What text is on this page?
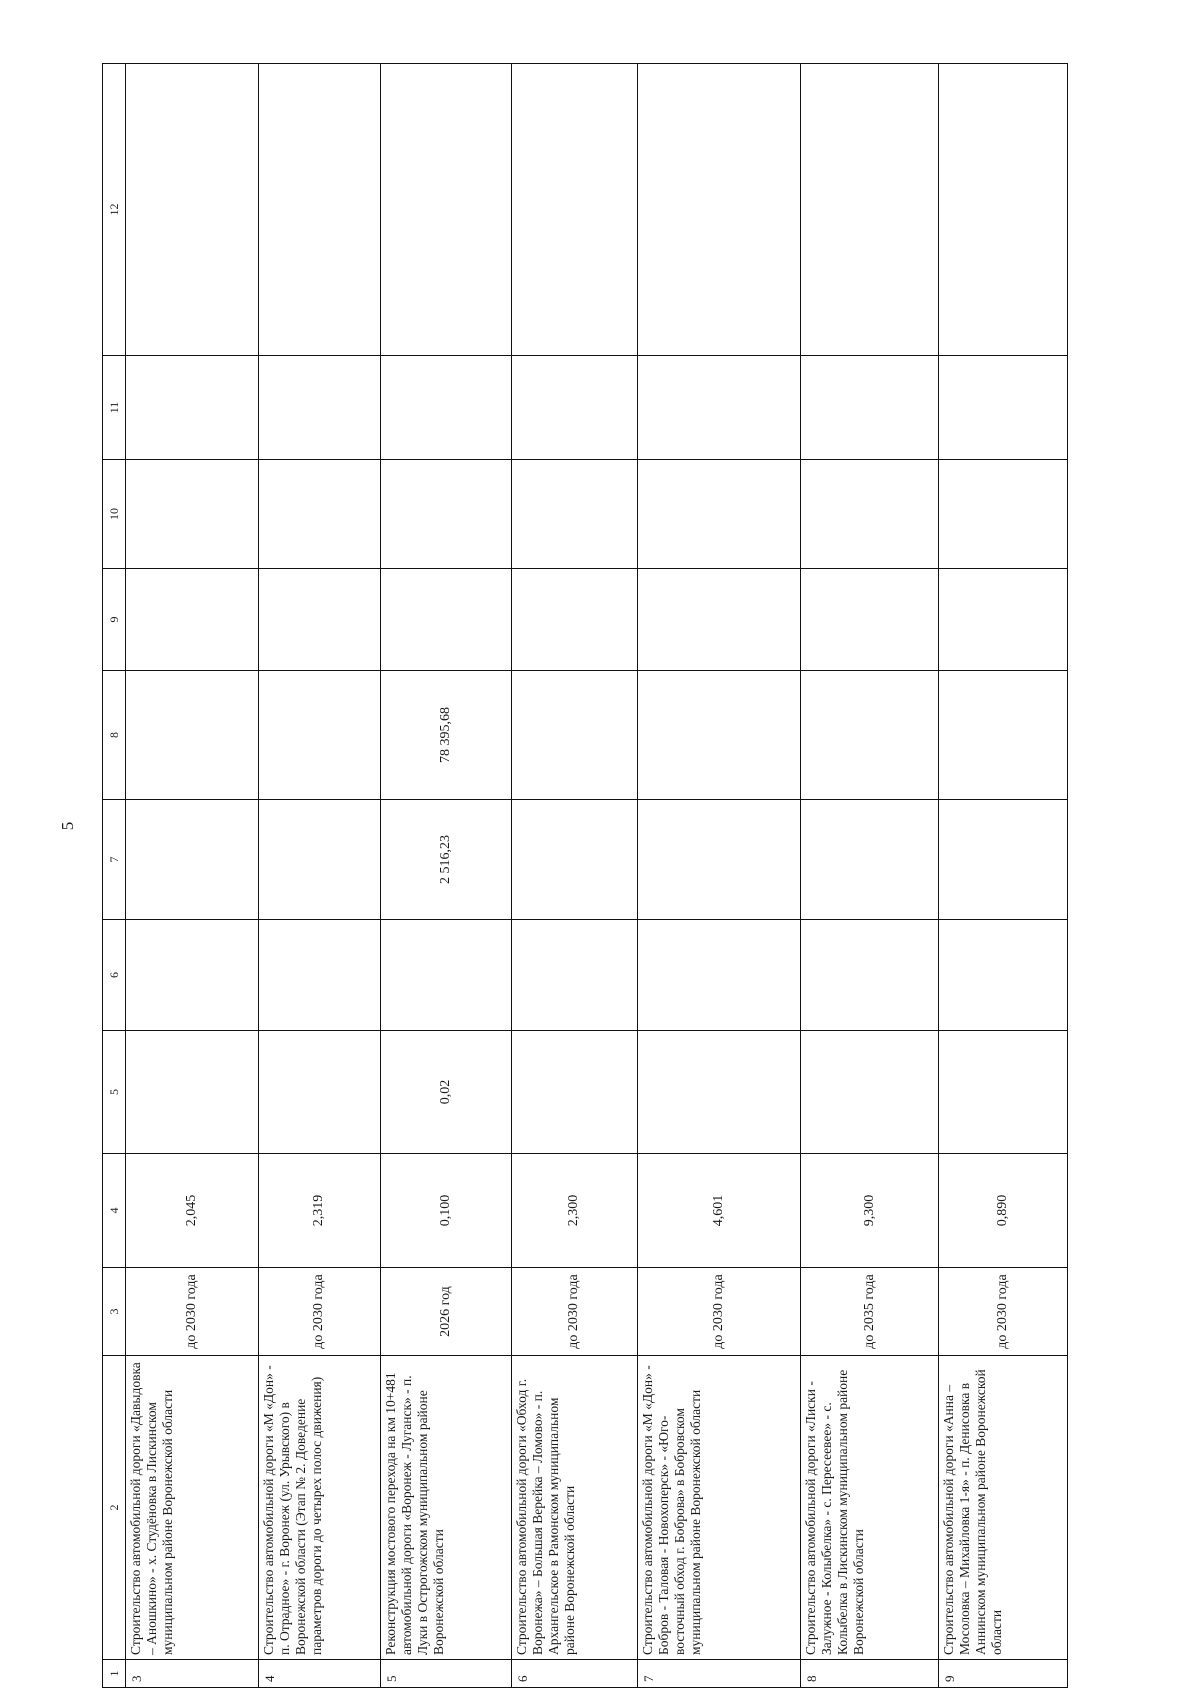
5
1	2	3	4	5	6	7	8	9	10	11	12
3	Строительство автомобильной дороги «Давыдовка – Аношкино» - х. Студёновка в Лискинском муниципальном районе Воронежской области	до 2030 года	2,045								
4	Строительство автомобильной дороги «М «Дон» - п. Отрадное» - г. Воронеж (ул. Урывского) в Воронежской области (Этап № 2. Доведение параметров дороги до четырех полос движения)	до 2030 года	2,319								
5	Реконструкция мостового перехода на км 10+481 автомобильной дороги «Воронеж - Луганск» - п. Луки в Острогожском муниципальном районе Воронежской области	2026 год	0,100	0,02		2 516,23	78 395,68				
6	Строительство автомобильной дороги «Обход г. Воронежа» – Большая Верейка – Ломово» - п. Архангельское в Рамонском муниципальном районе Воронежской области	до 2030 года	2,300								
7	Строительство автомобильной дороги «М «Дон» - Бобров - Таловая - Новохоперск» - «Юго-восточный обход г. Боброва» в Бобровском муниципальном районе Воронежской области	до 2030 года	4,601								
8	Строительство автомобильной дороги «Лиски - Залужное - Колыбелка» - с. Пересеевее» - с. Колыбелка в Лискинском муниципальном районе Воронежской области	до 2035 года	9,300								
9	Строительство автомобильной дороги «Анна – Мосоловка – Михайловка 1-я» - п. Денисовка в Аннинском муниципальном районе Воронежской области	до 2030 года	0,890								
